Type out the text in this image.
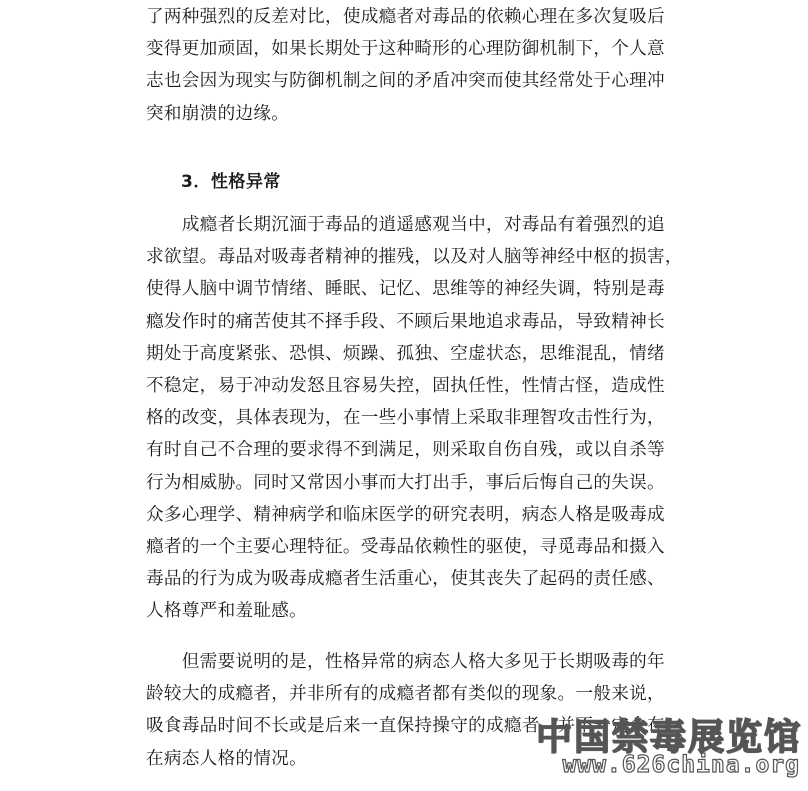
了两种强烈的反差对比，使成瘾者对毒品的依赖心理在多次复吸后
变得更加顽固，如果长期处于这种畸形的心理防御机制下，个人意
志也会因为现实与防御机制之间的矛盾冲突而使其经常处于心理冲
突和崩溃的边缘。
3．性格异常
　　成瘾者长期沉湎于毒品的逍遥感观当中，对毒品有着强烈的追
求欲望。毒品对吸毒者精神的摧残，以及对人脑等神经中枢的损害，
使得人脑中调节情绪、睡眠、记忆、思维等的神经失调，特别是毒
瘾发作时的痛苦使其不择手段、不顾后果地追求毒品，导致精神长
期处于高度紧张、恐惧、烦躁、孤独、空虚状态，思维混乱，情绪
不稳定，易于冲动发怒且容易失控，固执任性，性情古怪，造成性
格的改变，具体表现为，在一些小事情上采取非理智攻击性行为，
有时自己不合理的要求得不到满足，则采取自伤自残，或以自杀等
行为相威胁。同时又常因小事而大打出手，事后后悔自己的失误。
众多心理学、精神病学和临床医学的研究表明，病态人格是吸毒成
瘾者的一个主要心理特征。受毒品依赖性的驱使，寻觅毒品和摄入
毒品的行为成为吸毒成瘾者生活重心，使其丧失了起码的责任感、
人格尊严和羞耻感。
　　但需要说明的是，性格异常的病态人格大多见于长期吸毒的年
龄较大的成瘾者，并非所有的成瘾者都有类似的现象。一般来说，
吸食毒品时间不长或是后来一直保持操守的成瘾者，并不一定会存
在病态人格的情况。
中国禁毒展览馆
www.626china.org
